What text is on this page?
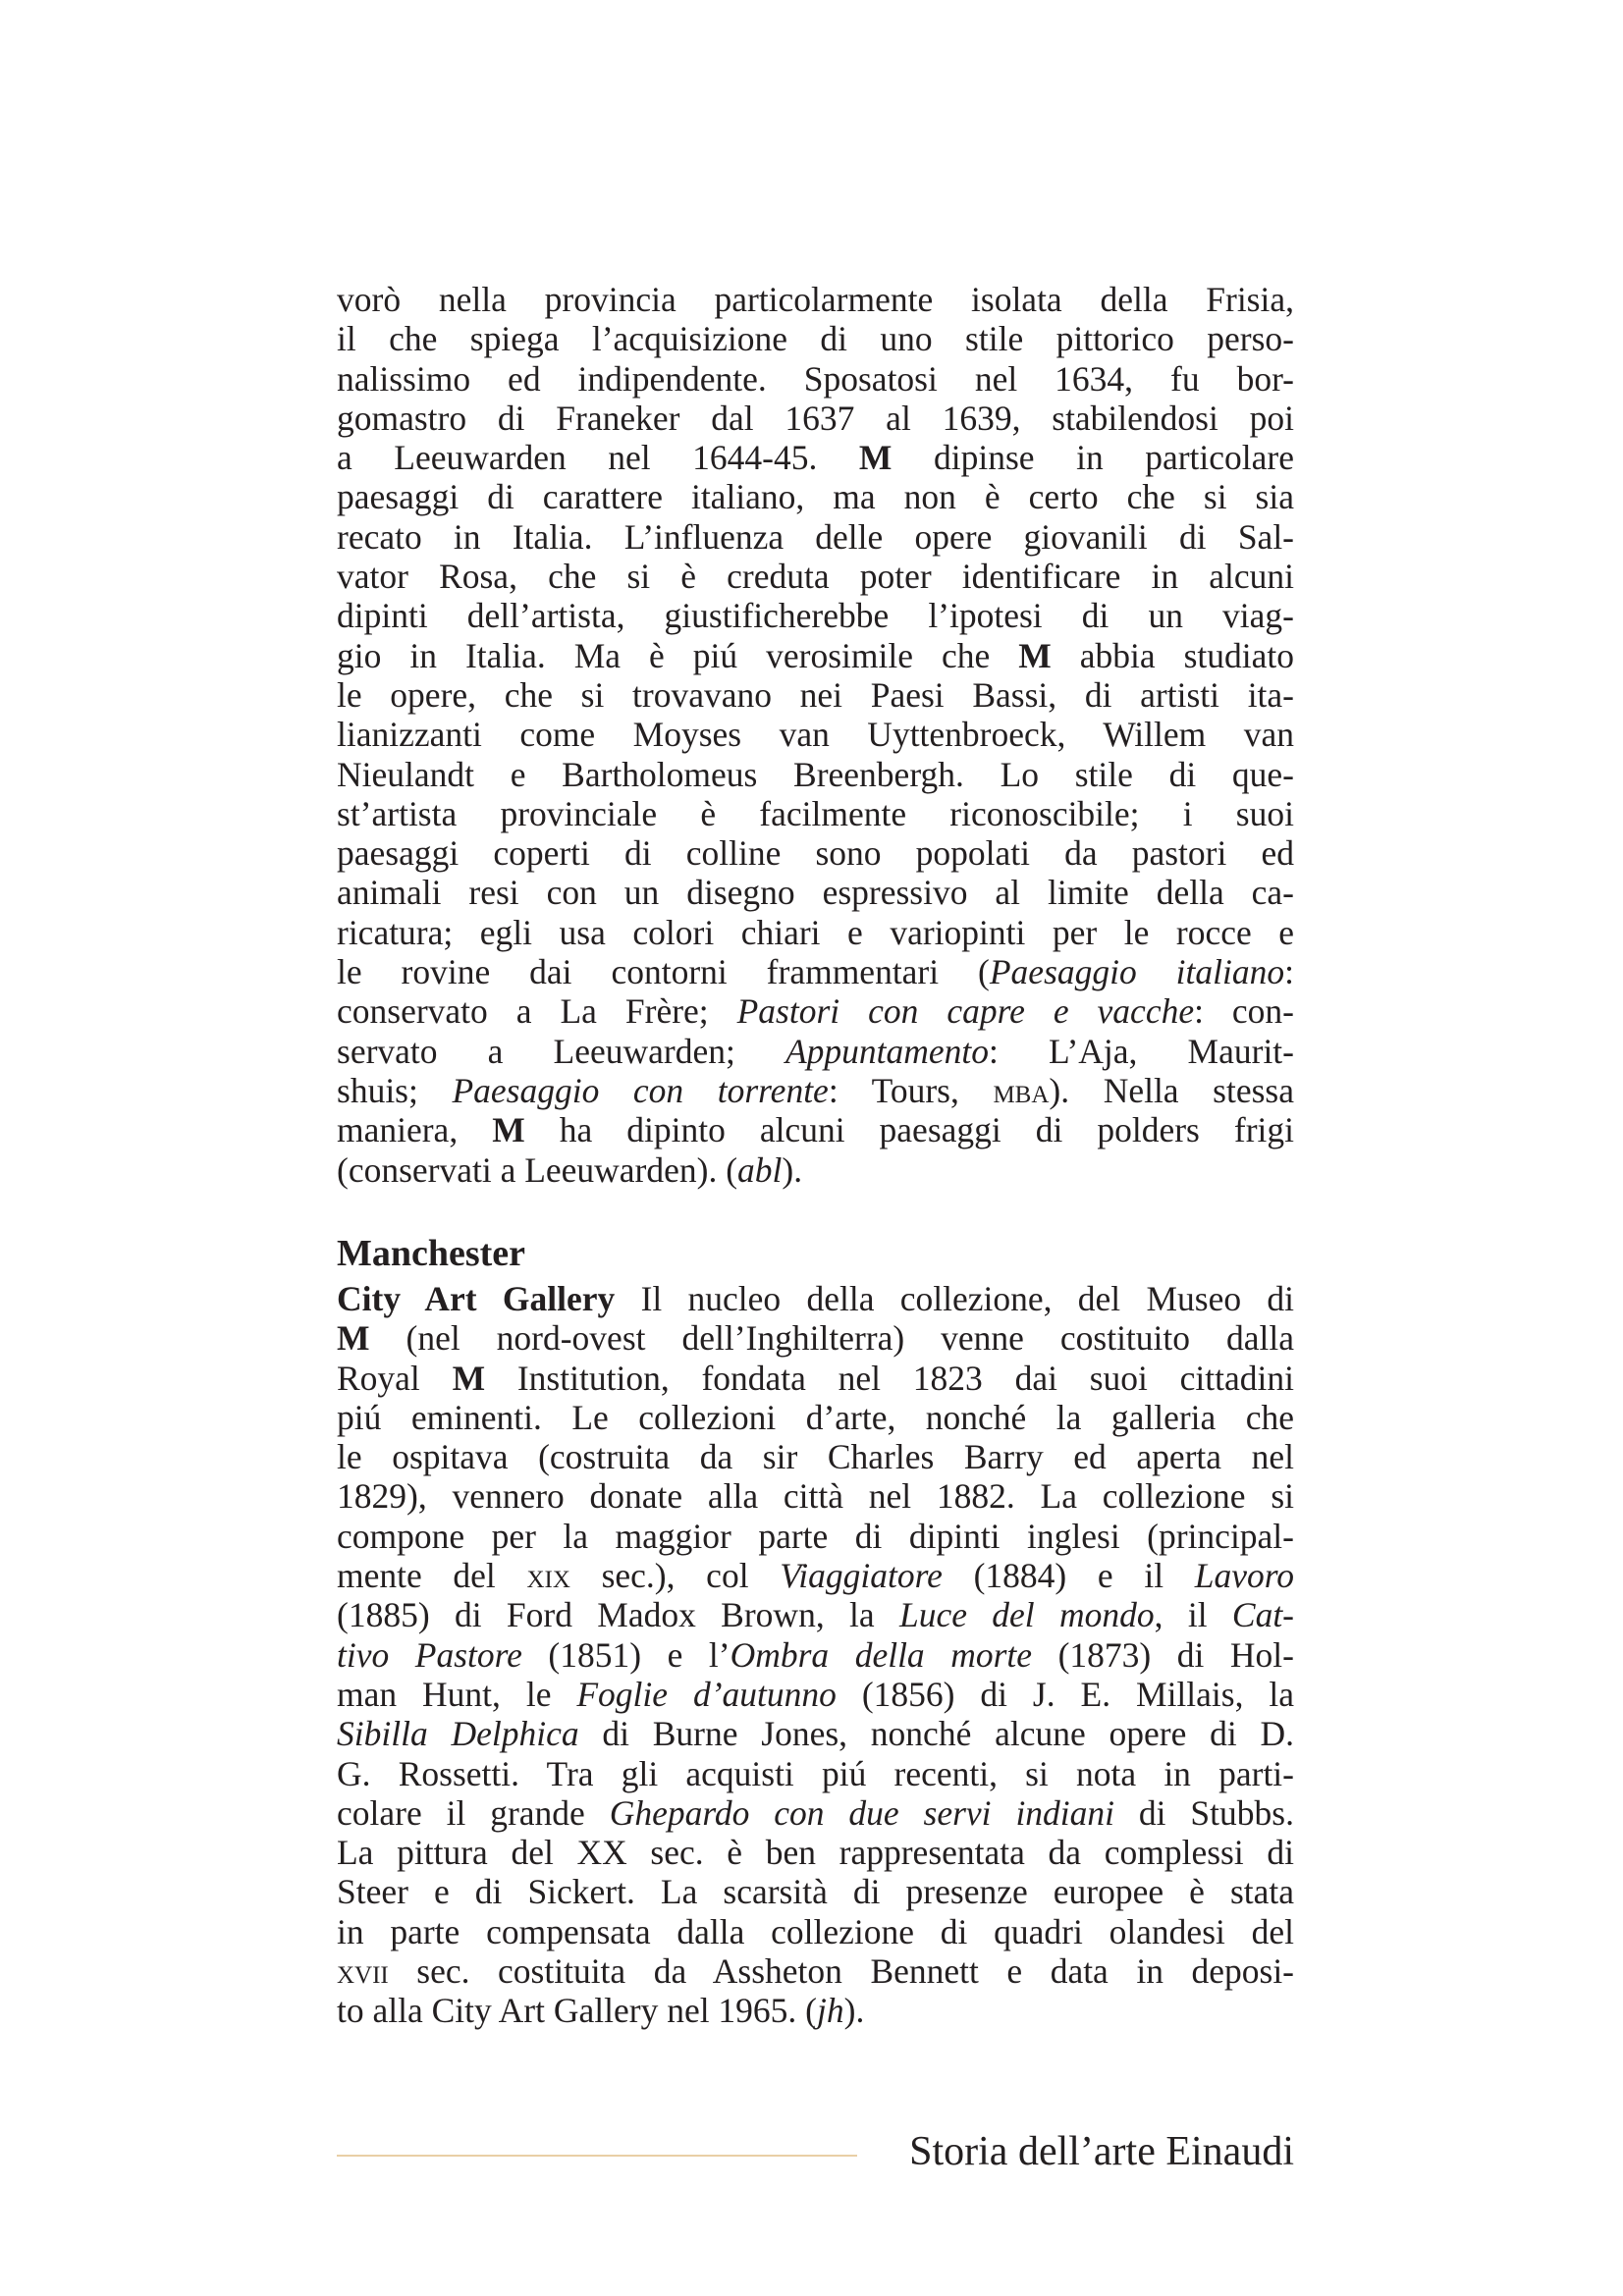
vorò nella provincia particolarmente isolata della Frisia,
il che spiega l’acquisizione di uno stile pittorico perso-
nalissimo ed indipendente. Sposatosi nel 1634, fu bor-
gomastro di Franeker dal 1637 al 1639, stabilendosi poi
a Leeuwarden nel 1644-45. M dipinse in particolare
paesaggi di carattere italiano, ma non è certo che si sia
recato in Italia. L’influenza delle opere giovanili di Sal-
vator Rosa, che si è creduta poter identificare in alcuni
dipinti dell’artista, giustificherebbe l’ipotesi di un viag-
gio in Italia. Ma è piú verosimile che M abbia studiato
le opere, che si trovavano nei Paesi Bassi, di artisti ita-
lianizzanti come Moyses van Uyttenbroeck, Willem van
Nieulandt e Bartholomeus Breenbergh. Lo stile di que-
st’artista provinciale è facilmente riconoscibile; i suoi
paesaggi coperti di colline sono popolati da pastori ed
animali resi con un disegno espressivo al limite della ca-
ricatura; egli usa colori chiari e variopinti per le rocce e
le rovine dai contorni frammentari (Paesaggio italiano:
conservato a La Frère; Pastori con capre e vacche: con-
servato a Leeuwarden; Appuntamento: L’Aja, Maurit-
shuis; Paesaggio con torrente: Tours, mba). Nella stessa
maniera, M ha dipinto alcuni paesaggi di polders frigi
(conservati a Leeuwarden). (abl).
Manchester
City Art Gallery Il nucleo della collezione, del Museo di
M (nel nord-ovest dell’Inghilterra) venne costituito dalla
Royal M Institution, fondata nel 1823 dai suoi cittadini
piú eminenti. Le collezioni d’arte, nonché la galleria che
le ospitava (costruita da sir Charles Barry ed aperta nel
1829), vennero donate alla città nel 1882. La collezione si
compone per la maggior parte di dipinti inglesi (principal-
mente del xix sec.), col Viaggiatore (1884) e il Lavoro
(1885) di Ford Madox Brown, la Luce del mondo, il Cat-
tivo Pastore (1851) e l’Ombra della morte (1873) di Hol-
man Hunt, le Foglie d’autunno (1856) di J. E. Millais, la
Sibilla Delphica di Burne Jones, nonché alcune opere di D.
G. Rossetti. Tra gli acquisti piú recenti, si nota in parti-
colare il grande Ghepardo con due servi indiani di Stubbs.
La pittura del XX sec. è ben rappresentata da complessi di
Steer e di Sickert. La scarsità di presenze europee è stata
in parte compensata dalla collezione di quadri olandesi del
xvii sec. costituita da Assheton Bennett e data in deposi-
to alla City Art Gallery nel 1965. (jh).
Storia dell’arte Einaudi
